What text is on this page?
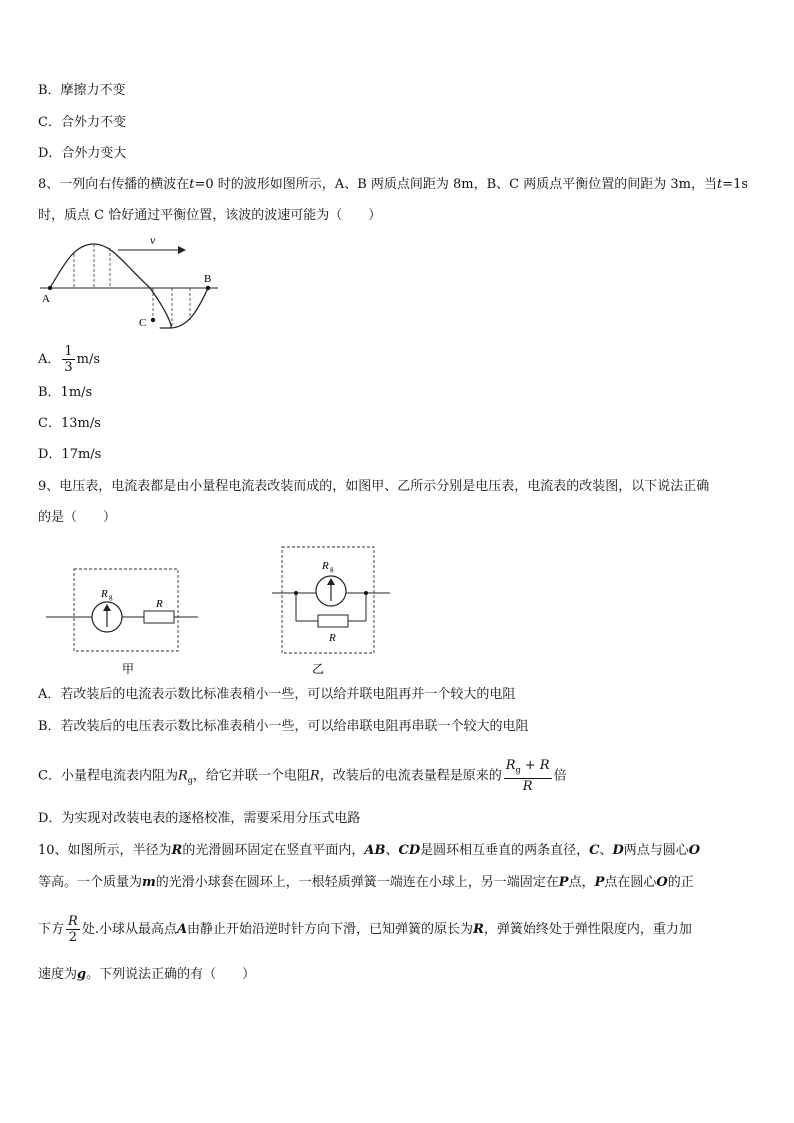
B．摩擦力不变
C．合外力不变
D．合外力变大
8、一列向右传播的横波在t=0 时的波形如图所示，A、B 两质点间距为 8m，B、C 两质点平衡位置的间距为 3m，当t=1s
时，质点 C 恰好通过平衡位置，该波的波速可能为（　　）
v
A
B
C
A． $\frac{1}{3} m/s$
B．1m/s
C．13m/s
D．17m/s
9、电压表，电流表都是由小量程电流表改装而成的，如图甲、乙所示分别是电压表，电流表的改装图，以下说法正确
的是（　　）
R g
R
甲
R g
R
乙
A．若改装后的电流表示数比标准表稍小一些，可以给并联电阻再并一个较大的电阻
B．若改装后的电压表示数比标准表稍小一些，可以给串联电阻再串联一个较大的电阻
C．小量程电流表内阻为$R_g$，给它并联一个电阻R，改装后的电流表量程是原来的 $\frac{R_g + R}{R}$ 倍
D．为实现对改装电表的逐格校准，需要采用分压式电路
10、如图所示，半径为R的光滑圆环固定在竖直平面内，AB、CD是圆环相互垂直的两条直径，C、D两点与圆心O
等高。一个质量为m的光滑小球套在圆环上，一根轻质弹簧一端连在小球上，另一端固定在P点，P点在圆心O的正
下方 $\frac{R}{2}$ 处.小球从最高点A由静止开始沿逆时针方向下滑，已知弹簧的原长为R，弹簧始终处于弹性限度内，重力加
速度为g。下列说法正确的有（　　）
